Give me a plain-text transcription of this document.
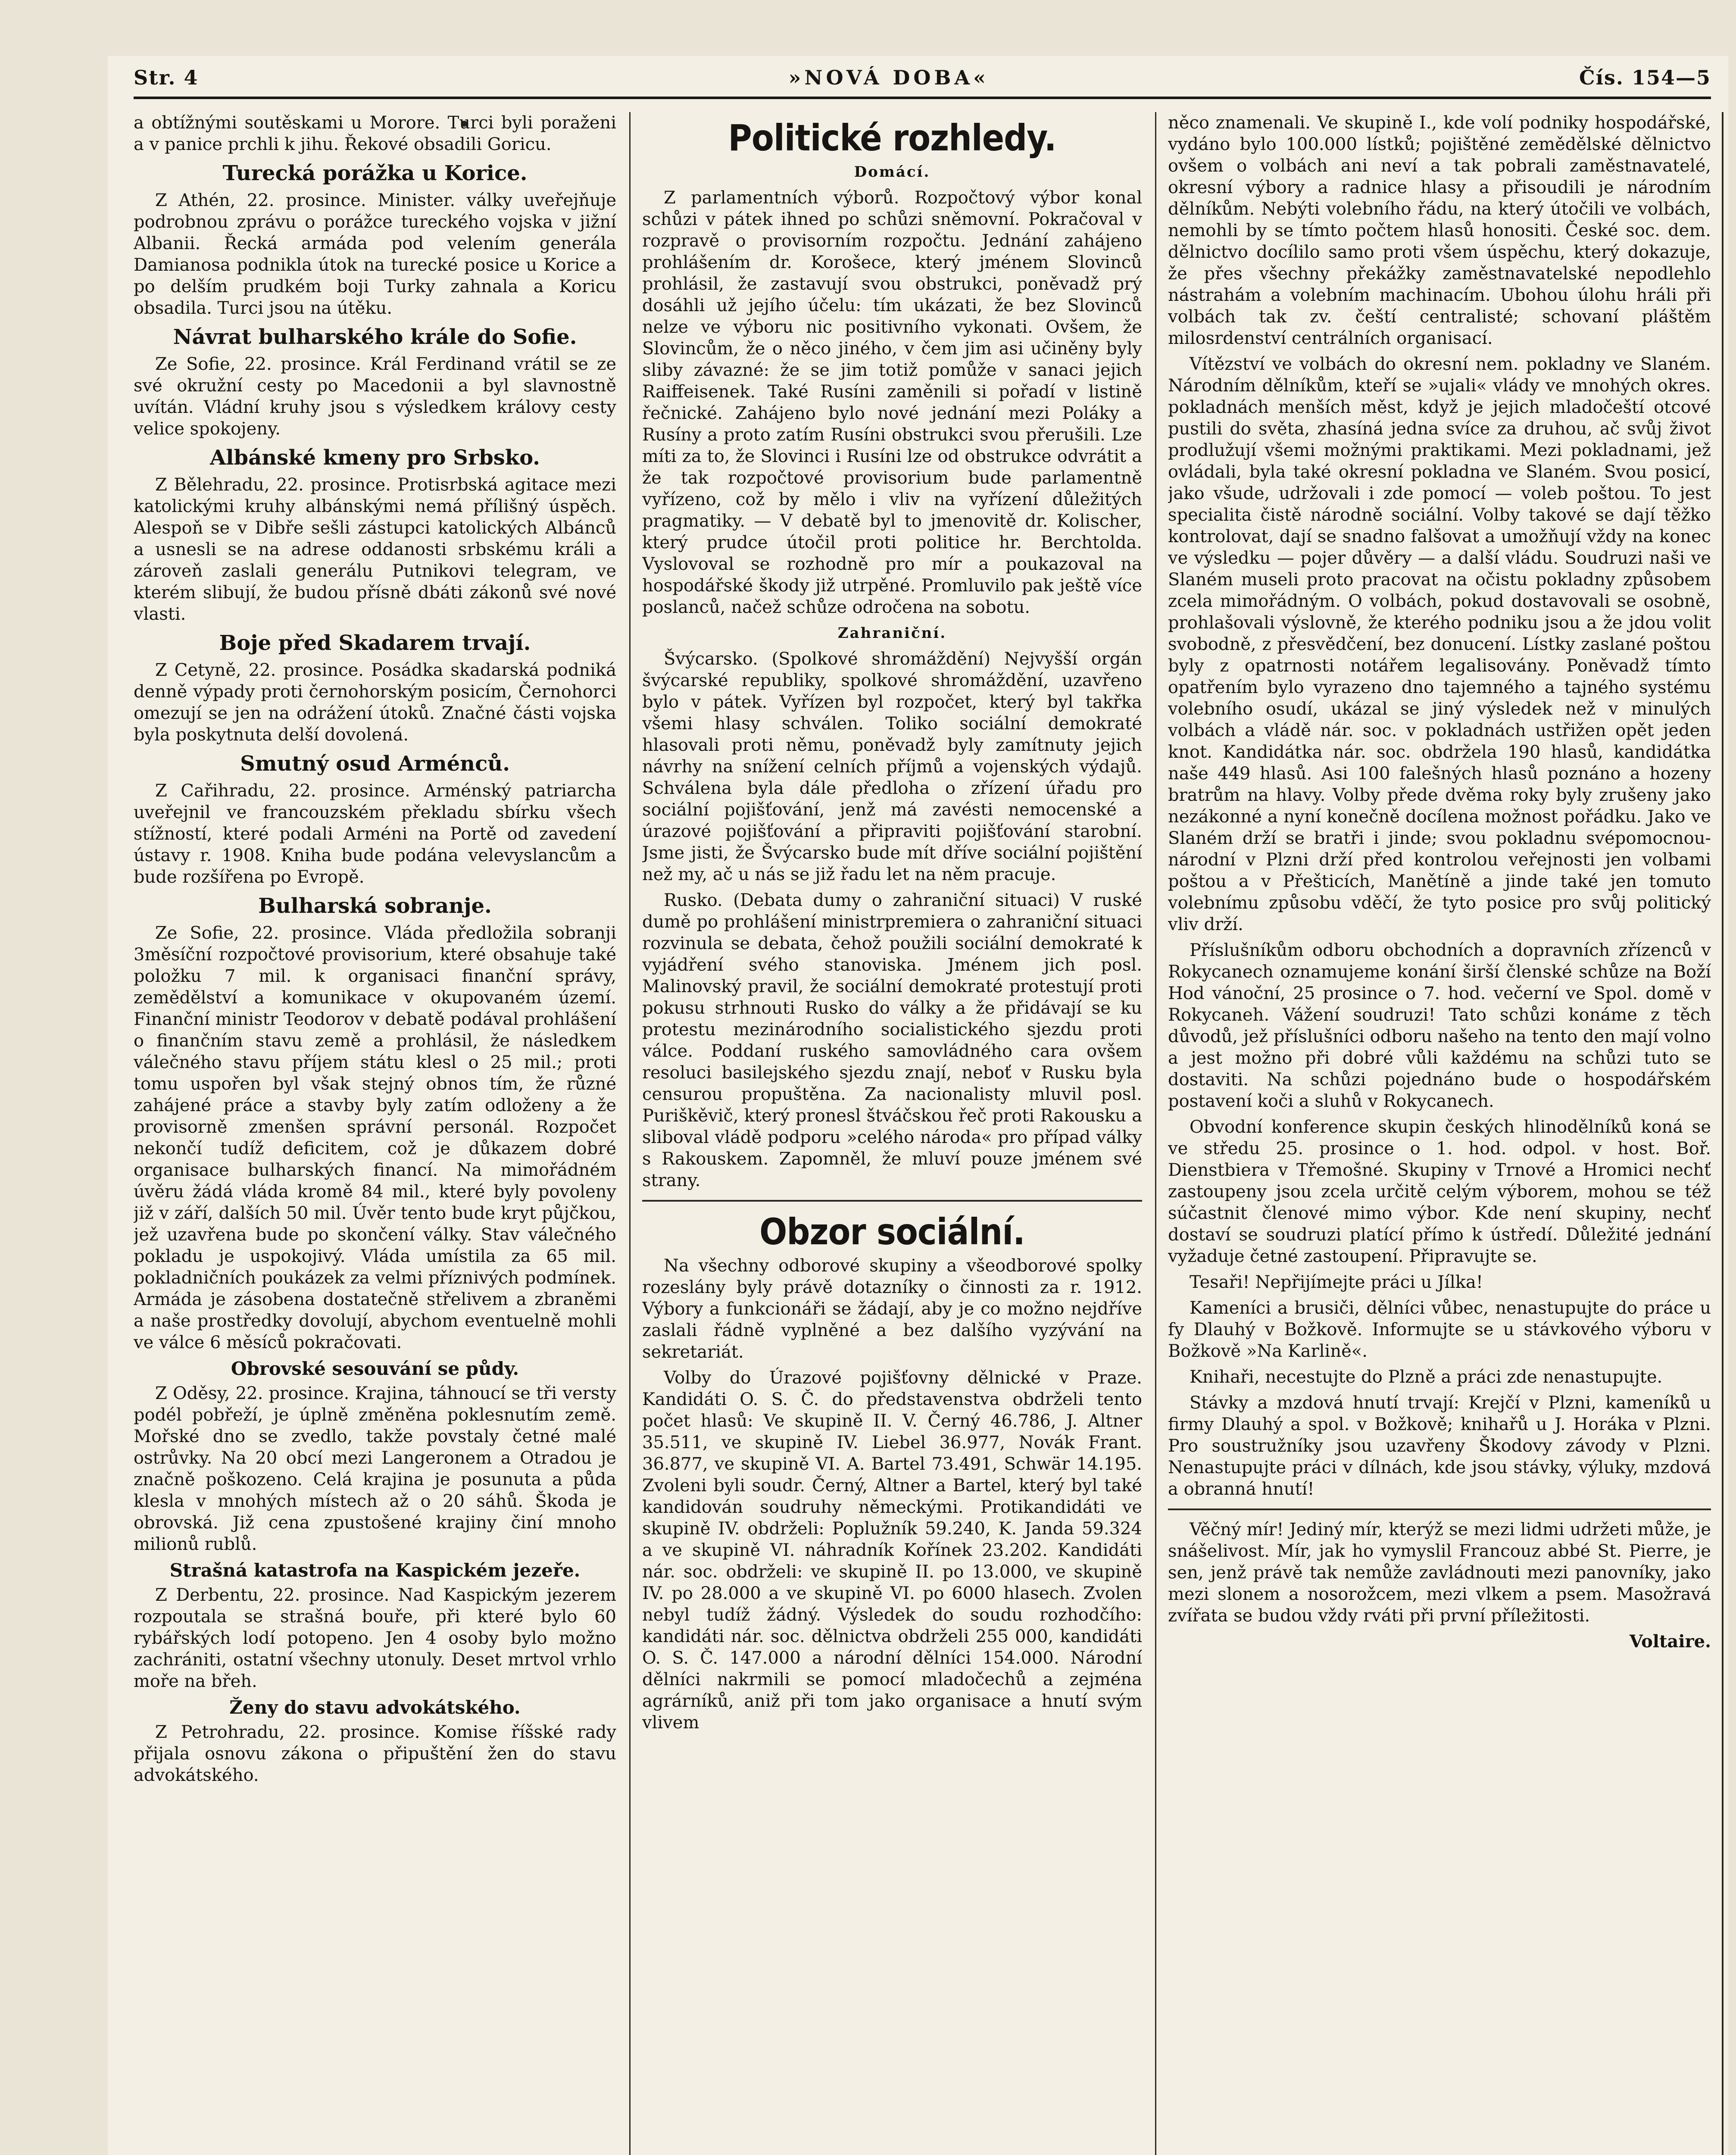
Str. 4	»NOVÁ DOBA«	Čís. 154—5

a obtížnými soutěskami u Morore. Turci byli poraženi a v panice prchli k jihu. Řekové obsadili Goricu.

Turecká porážka u Korice.

Z Athén, 22. prosince. Minister. války uveřejňuje podrobnou zprávu o porážce tureckého vojska v jižní Albanii. Řecká armáda pod velením generála Damianosa podnikla útok na turecké posice u Korice a po delším prudkém boji Turky zahnala a Koricu obsadila. Turci jsou na útěku.

Návrat bulharského krále do Sofie.

Ze Sofie, 22. prosince. Král Ferdinand vrátil se ze své okružní cesty po Macedonii a byl slavnostně uvítán. Vládní kruhy jsou s výsledkem královy cesty velice spokojeny.

Albánské kmeny pro Srbsko.

Z Bělehradu, 22. prosince. Protisrbská agitace mezi katolickými kruhy albánskými nemá přílišný úspěch. Alespoň se v Dibře sešli zástupci katolických Albánců a usnesli se na adrese oddanosti srbskému králi a zároveň zaslali generálu Putnikovi telegram, ve kterém slibují, že budou přísně dbáti zákonů své nové vlasti.

Boje před Skadarem trvají.

Z Cetyně, 22. prosince. Posádka skadarská podniká denně výpady proti černohorským posicím, Černohorci omezují se jen na odrážení útoků. Značné části vojska byla poskytnuta delší dovolená.

Smutný osud Arménců.

Z Cařihradu, 22. prosince. Arménský patriarcha uveřejnil ve francouzském překladu sbírku všech stížností, které podali Arméni na Portě od zavedení ústavy r. 1908. Kniha bude podána velevyslancům a bude rozšířena po Evropě.

Bulharská sobranje.

Ze Sofie, 22. prosince. Vláda předložila sobranji 3měsíční rozpočtové provisorium, které obsahuje také položku 7 mil. k organisaci finanční správy, zemědělství a komunikace v okupovaném území. Finanční ministr Teodorov v debatě podával prohlášení o finančním stavu země a prohlásil, že následkem válečného stavu příjem státu klesl o 25 mil.; proti tomu uspořen byl však stejný obnos tím, že různé zahájené práce a stavby byly zatím odloženy a že provisorně zmenšen správní personál. Rozpočet nekončí tudíž deficitem, což je důkazem dobré organisace bulharských financí. Na mimořádném úvěru žádá vláda kromě 84 mil., které byly povoleny již v září, dalších 50 mil. Úvěr tento bude kryt půjčkou, jež uzavřena bude po skončení války. Stav válečného pokladu je uspokojivý. Vláda umístila za 65 mil. pokladničních poukázek za velmi příznivých podmínek. Armáda je zásobena dostatečně střelivem a zbraněmi a naše prostředky dovolují, abychom eventuelně mohli ve válce 6 měsíců pokračovati.

Obrovské sesouvání se půdy.

Z Oděsy, 22. prosince. Krajina, táhnoucí se tři versty podél pobřeží, je úplně změněna poklesnutím země. Mořské dno se zvedlo, takže povstaly četné malé ostrůvky. Na 20 obcí mezi Langeronem a Otradou je značně poškozeno. Celá krajina je posunuta a půda klesla v mnohých místech až o 20 sáhů. Škoda je obrovská. Již cena zpustošené krajiny činí mnoho milionů rublů.

Strašná katastrofa na Kaspickém jezeře.

Z Derbentu, 22. prosince. Nad Kaspickým jezerem rozpoutala se strašná bouře, při které bylo 60 rybářských lodí potopeno. Jen 4 osoby bylo možno zachrániti, ostatní všechny utonuly. Deset mrtvol vrhlo moře na břeh.

Ženy do stavu advokátského.

Z Petrohradu, 22. prosince. Komise říšské rady přijala osnovu zákona o připuštění žen do stavu advokátského.

Politické rozhledy.
Domácí.

Z parlamentních výborů. Rozpočtový výbor konal schůzi v pátek ihned po schůzi sněmovní. Pokračoval v rozpravě o provisorním rozpočtu. Jednání zahájeno prohlášením dr. Korošece, který jménem Slovinců prohlásil, že zastavují svou obstrukci, poněvadž prý dosáhli už jejího účelu: tím ukázati, že bez Slovinců nelze ve výboru nic positivního vykonati. Ovšem, že Slovincům, že o něco jiného, v čem jim asi učiněny byly sliby závazné: že se jim totiž pomůže v sanaci jejich Raiffeisenek. Také Rusíni zaměnili si pořadí v listině řečnické. Zahájeno bylo nové jednání mezi Poláky a Rusíny a proto zatím Rusíni obstrukci svou přerušili. Lze míti za to, že Slovinci i Rusíni lze od obstrukce odvrátit a že tak rozpočtové provisorium bude parlamentně vyřízeno, což by mělo i vliv na vyřízení důležitých pragmatiky. — V debatě byl to jmenovitě dr. Kolischer, který prudce útočil proti politice hr. Berchtolda. Vyslovoval se rozhodně pro mír a poukazoval na hospodářské škody již utrpěné. Promluvilo pak ještě více poslanců, načež schůze odročena na sobotu.

Zahraniční.

Švýcarsko. (Spolkové shromáždění) Nejvyšší orgán švýcarské republiky, spolkové shromáždění, uzavřeno bylo v pátek. Vyřízen byl rozpočet, který byl takřka všemi hlasy schválen. Toliko sociální demokraté hlasovali proti němu, poněvadž byly zamítnuty jejich návrhy na snížení celních příjmů a vojenských výdajů. Schválena byla dále předloha o zřízení úřadu pro sociální pojišťování, jenž má zavésti nemocenské a úrazové pojišťování a připraviti pojišťování starobní. Jsme jisti, že Švýcarsko bude mít dříve sociální pojištění než my, ač u nás se již řadu let na něm pracuje.

Rusko. (Debata dumy o zahraniční situaci) V ruské dumě po prohlášení ministrpremiera o zahraniční situaci rozvinula se debata, čehož použili sociální demokraté k vyjádření svého stanoviska. Jménem jich posl. Malinovský pravil, že sociální demokraté protestují proti pokusu strhnouti Rusko do války a že přidávají se ku protestu mezinárodního socialistického sjezdu proti válce. Poddaní ruského samovládného cara ovšem resoluci basilejského sjezdu znají, neboť v Rusku byla censurou propuštěna. Za nacionalisty mluvil posl. Puriškěvič, který pronesl štváčskou řeč proti Rakousku a sliboval vládě podporu »celého národa« pro případ války s Rakouskem. Zapomněl, že mluví pouze jménem své strany.

Obzor sociální.

Na všechny odborové skupiny a všeodborové spolky rozeslány byly právě dotazníky o činnosti za r. 1912. Výbory a funkcionáři se žádají, aby je co možno nejdříve zaslali řádně vyplněné a bez dalšího vyzývání na sekretariát.

Volby do Úrazové pojišťovny dělnické v Praze. Kandidáti O. S. Č. do představenstva obdrželi tento počet hlasů: Ve skupině II. V. Černý 46.786, J. Altner 35.511, ve skupině IV. Liebel 36.977, Novák Frant. 36.877, ve skupině VI. A. Bartel 73.491, Schwär 14.195. Zvoleni byli soudr. Černý, Altner a Bartel, který byl také kandidován soudruhy německými. Protikandidáti ve skupině IV. obdrželi: Poplužník 59.240, K. Janda 59.324 a ve skupině VI. náhradník Kořínek 23.202. Kandidáti nár. soc. obdrželi: ve skupině II. po 13.000, ve skupině IV. po 28.000 a ve skupině VI. po 6000 hlasech. Zvolen nebyl tudíž žádný. Výsledek do soudu rozhodčího: kandidáti nár. soc. dělnictva obdrželi 255 000, kandidáti O. S. Č. 147.000 a národní dělníci 154.000. Národní dělníci nakrmili se pomocí mladočechů a zejména agrárníků, aniž při tom jako organisace a hnutí svým vlivem

něco znamenali. Ve skupině I., kde volí podniky hospodářské, vydáno bylo 100.000 lístků; pojištěné zemědělské dělnictvo ovšem o volbách ani neví a tak pobrali zaměstnavatelé, okresní výbory a radnice hlasy a přisoudili je národním dělníkům. Nebýti volebního řádu, na který útočili ve volbách, nemohli by se tímto počtem hlasů honositi. České soc. dem. dělnictvo docílilo samo proti všem úspěchu, který dokazuje, že přes všechny překážky zaměstnavatelské nepodlehlo nástrahám a volebním machinacím. Ubohou úlohu hráli při volbách tak zv. čeští centralisté; schovaní pláštěm milosrdenství centrálních organisací.

Vítězství ve volbách do okresní nem. pokladny ve Slaném. Národním dělníkům, kteří se »ujali« vlády ve mnohých okres. pokladnách menších měst, když je jejich mladočeští otcové pustili do světa, zhasíná jedna svíce za druhou, ač svůj život prodlužují všemi možnými praktikami. Mezi pokladnami, jež ovládali, byla také okresní pokladna ve Slaném. Svou posicí, jako všude, udržovali i zde pomocí — voleb poštou. To jest specialita čistě národně sociální. Volby takové se dají těžko kontrolovat, dají se snadno falšovat a umožňují vždy na konec ve výsledku — pojer důvěry — a další vládu. Soudruzi naši ve Slaném museli proto pracovat na očistu pokladny způsobem zcela mimořádným. O volbách, pokud dostavovali se osobně, prohlašovali výslovně, že kterého podniku jsou a že jdou volit svobodně, z přesvědčení, bez donucení. Lístky zaslané poštou byly z opatrnosti notářem legalisovány. Poněvadž tímto opatřením bylo vyrazeno dno tajemného a tajného systému volebního osudí, ukázal se jiný výsledek než v minulých volbách a vládě nár. soc. v pokladnách ustřižen opět jeden knot. Kandidátka nár. soc. obdržela 190 hlasů, kandidátka naše 449 hlasů. Asi 100 falešných hlasů poznáno a hozeny bratrům na hlavy. Volby přede dvěma roky byly zrušeny jako nezákonné a nyní konečně docílena možnost pořádku. Jako ve Slaném drží se bratři i jinde; svou pokladnu svépomocnou-národní v Plzni drží před kontrolou veřejnosti jen volbami poštou a v Přešticích, Manětíně a jinde také jen tomuto volebnímu způsobu vděčí, že tyto posice pro svůj politický vliv drží.

Příslušníkům odboru obchodních a dopravních zřízenců v Rokycanech oznamujeme konání širší členské schůze na Boží Hod vánoční, 25 prosince o 7. hod. večerní ve Spol. domě v Rokycaneh. Vážení soudruzi! Tato schůzi konáme z těch důvodů, jež příslušníci odboru našeho na tento den mají volno a jest možno při dobré vůli každému na schůzi tuto se dostaviti. Na schůzi pojednáno bude o hospodářském postavení koči a sluhů v Rokycanech.

Obvodní konference skupin českých hlinodělníků koná se ve středu 25. prosince o 1. hod. odpol. v host. Boř. Dienstbiera v Třemošné. Skupiny v Trnové a Hromici nechť zastoupeny jsou zcela určitě celým výborem, mohou se též súčastnit členové mimo výbor. Kde není skupiny, nechť dostaví se soudruzi platící přímo k ústředí. Důležité jednání vyžaduje četné zastoupení. Připravujte se.

Tesaři! Nepřijímejte práci u Jílka!

Kameníci a brusiči, dělníci vůbec, nenastupujte do práce u fy Dlauhý v Božkově. Informujte se u stávkového výboru v Božkově »Na Karlině«.

Knihaři, necestujte do Plzně a práci zde nenastupujte.

Stávky a mzdová hnutí trvají: Krejčí v Plzni, kameníků u firmy Dlauhý a spol. v Božkově; knihařů u J. Horáka v Plzni. Pro soustružníky jsou uzavřeny Škodovy závody v Plzni. Nenastupujte práci v dílnách, kde jsou stávky, výluky, mzdová a obranná hnutí!

Věčný mír! Jediný mír, kterýž se mezi lidmi udržeti může, je snášelivost. Mír, jak ho vymyslil Francouz abbé St. Pierre, je sen, jenž právě tak nemůže zavládnouti mezi panovníky, jako mezi slonem a nosorožcem, mezi vlkem a psem. Masožravá zvířata se budou vždy rváti při první příležitosti.

Voltaire.
